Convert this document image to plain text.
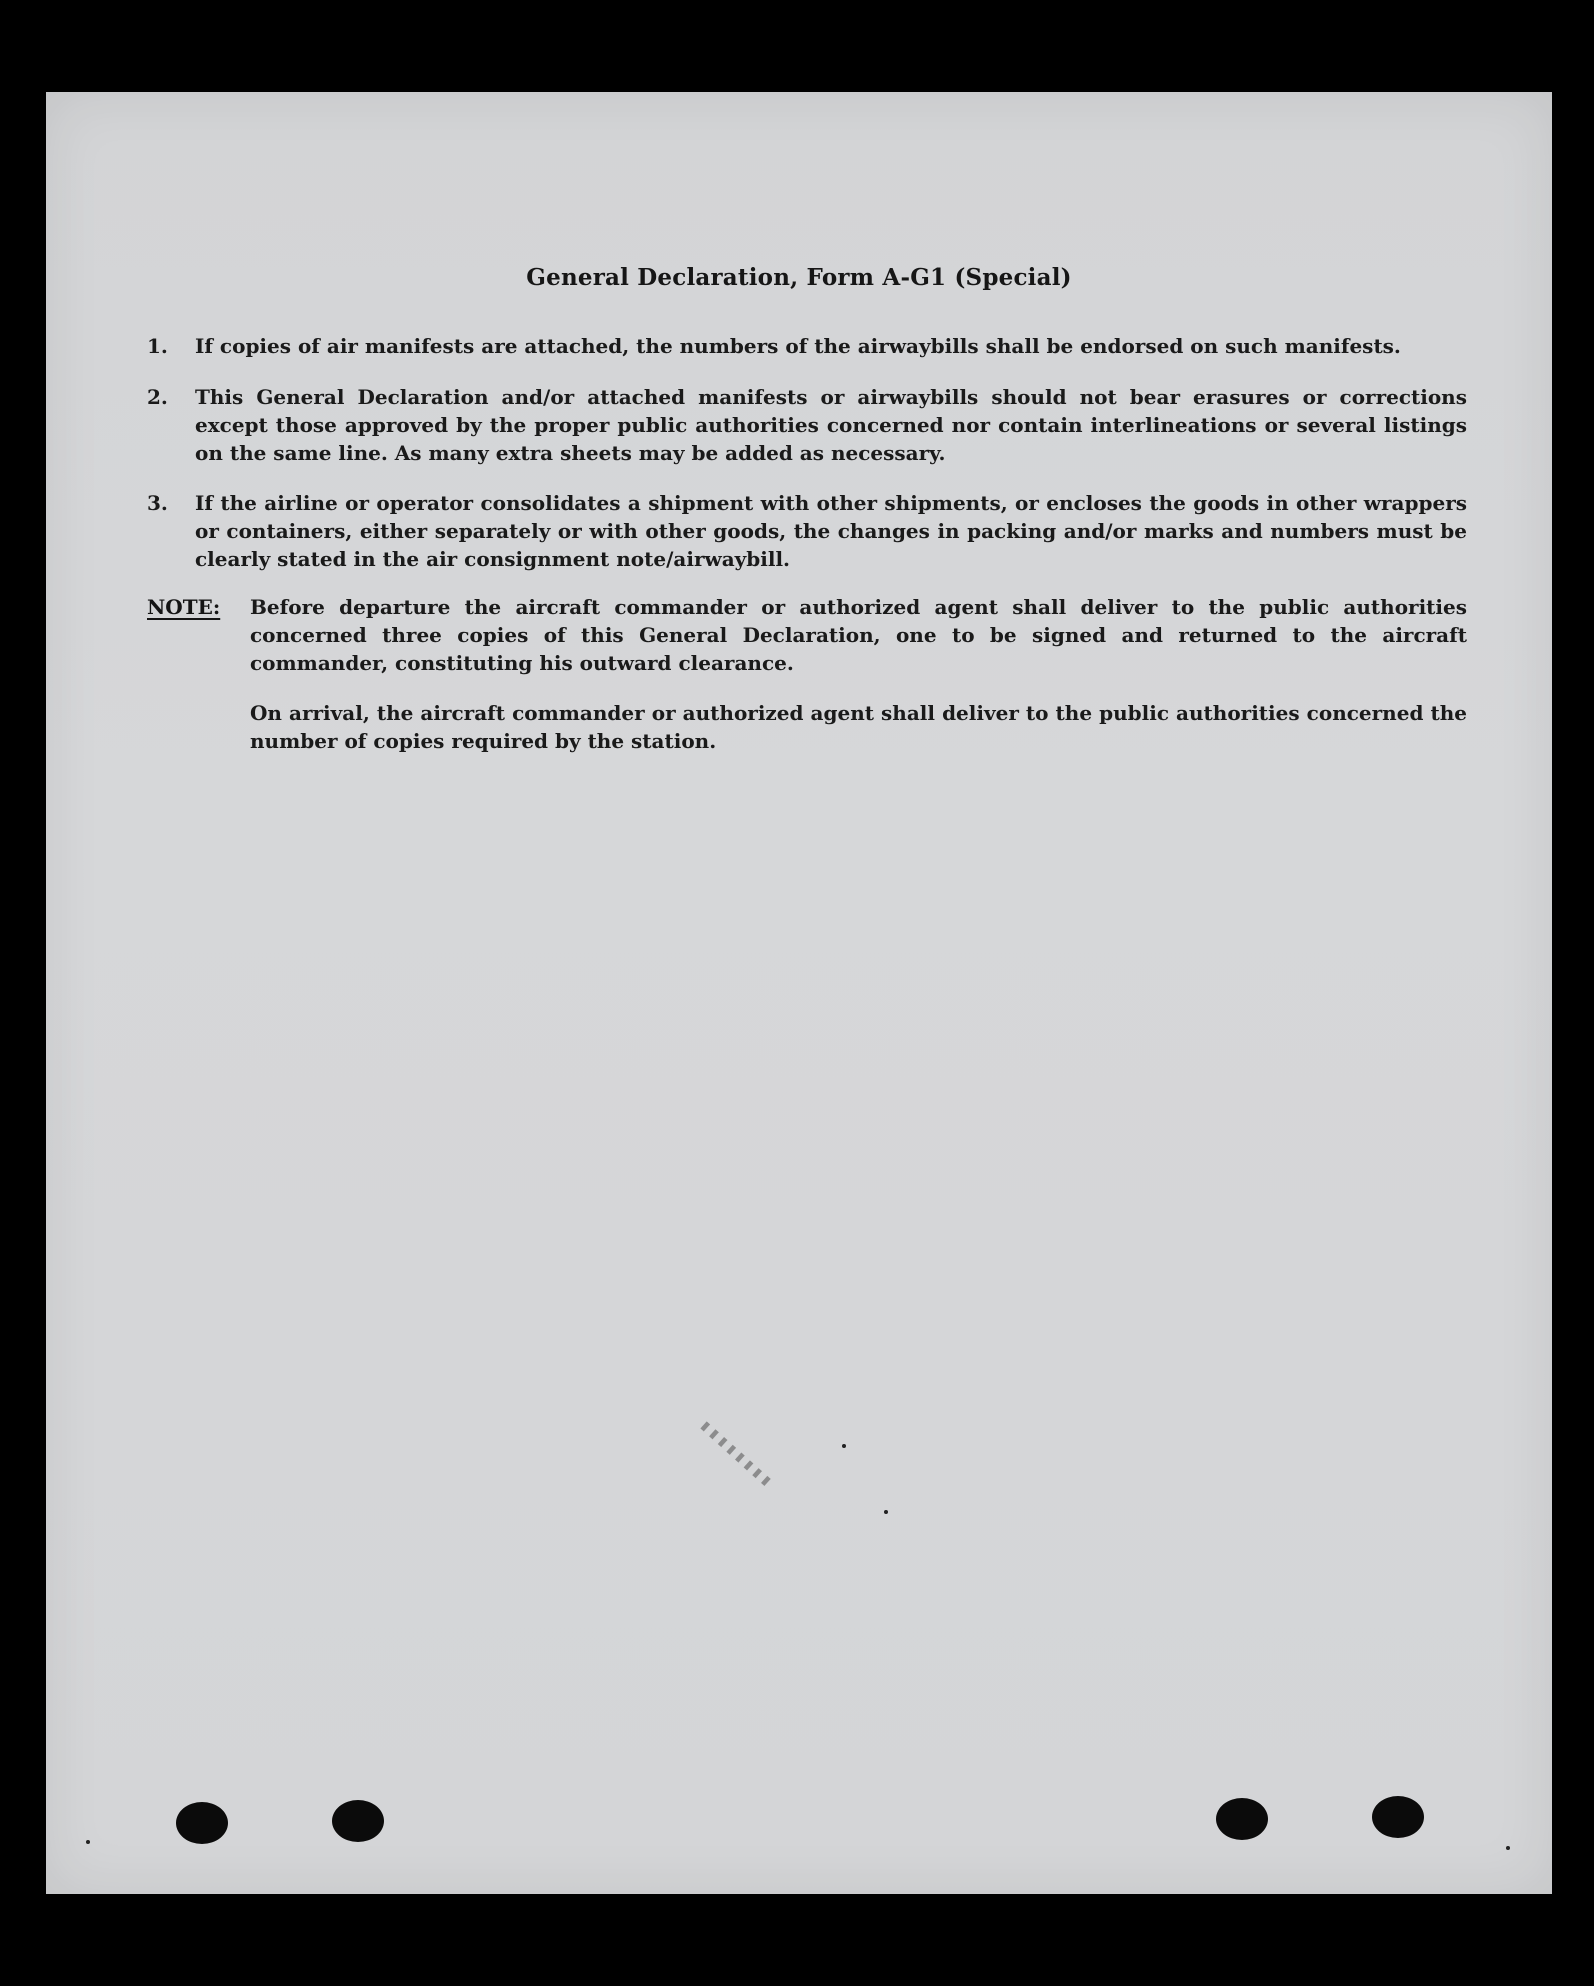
General Declaration, Form A-G1 (Special)
1.	If copies of air manifests are attached, the numbers of the airwaybills shall be endorsed on such manifests.
2.	This General Declaration and/or attached manifests or airwaybills should not bear erasures or corrections except those approved by the proper public authorities concerned nor contain interlineations or several listings on the same line. As many extra sheets may be added as necessary.
3.	If the airline or operator consolidates a shipment with other shipments, or encloses the goods in other wrappers or containers, either separately or with other goods, the changes in packing and/or marks and numbers must be clearly stated in the air consignment note/airwaybill.
NOTE: Before departure the aircraft commander or authorized agent shall deliver to the public authorities concerned three copies of this General Declaration, one to be signed and returned to the aircraft commander, constituting his outward clearance.
On arrival, the aircraft commander or authorized agent shall deliver to the public authorities concerned the number of copies required by the station.
▮▮▮▮▮▮▮▮
